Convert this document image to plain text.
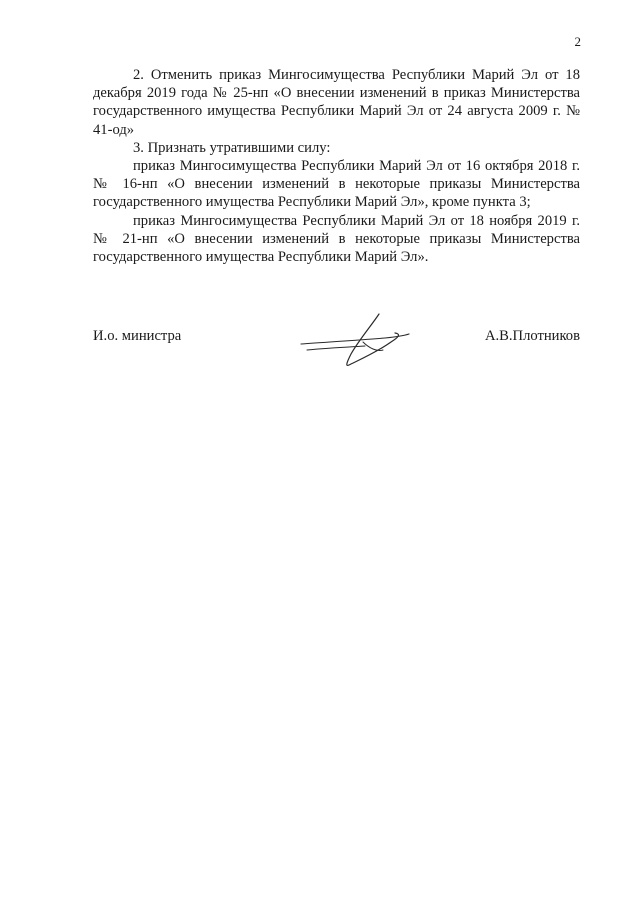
2

2. Отменить приказ Мингосимущества Республики Марий Эл от 18 декабря 2019 года № 25-нп «О внесении изменений в приказ Министерства государственного имущества Республики Марий Эл от 24 августа 2009 г. № 41-од»

3. Признать утратившими силу:

приказ Мингосимущества Республики Марий Эл от 16 октября 2018 г. № 16-нп «О внесении изменений в некоторые приказы Министерства государственного имущества Республики Марий Эл», кроме пункта 3;

приказ Мингосимущества Республики Марий Эл от 18 ноября 2019 г. № 21-нп «О внесении изменений в некоторые приказы Министерства государственного имущества Республики Марий Эл».

И.о. министра	А.В.Плотников
